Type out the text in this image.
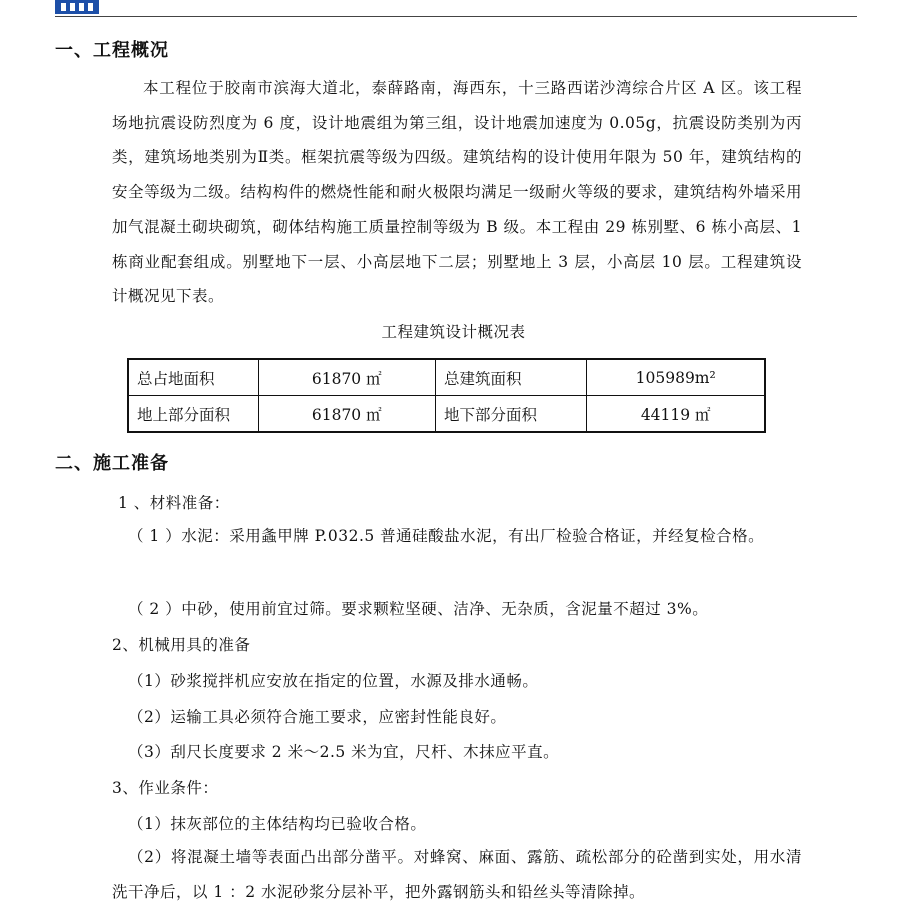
一、工程概况

本工程位于胶南市滨海大道北，泰薛路南，海西东，十三路西诺沙湾综合片区 A 区。该工程场地抗震设防烈度为 6 度，设计地震组为第三组，设计地震加速度为 0.05g，抗震设防类别为丙类，建筑场地类别为Ⅱ类。框架抗震等级为四级。建筑结构的设计使用年限为 50 年，建筑结构的安全等级为二级。结构构件的燃烧性能和耐火极限均满足一级耐火等级的要求，建筑结构外墙采用加气混凝土砌块砌筑，砌体结构施工质量控制等级为 B 级。本工程由 29 栋别墅、6 栋小高层、1 栋商业配套组成。别墅地下一层、小高层地下二层；别墅地上 3 层，小高层 10 层。工程建筑设计概况见下表。

工程建筑设计概况表
总占地面积	61870 ㎡	总建筑面积	105989m²
地上部分面积	61870 ㎡	地下部分面积	44119 ㎡
二、施工准备
1 、材料准备：

（ 1 ）水泥：采用螽甲牌 P.032.5 普通硅酸盐水泥，有出厂检验合格证，并经复检合格。

（ 2 ）中砂，使用前宜过筛。要求颗粒坚硬、洁净、无杂质，含泥量不超过 3%。
2、机械用具的准备
（1）砂浆搅拌机应安放在指定的位置，水源及排水通畅。
（2）运输工具必须符合施工要求，应密封性能良好。
（3）刮尺长度要求 2 米～2.5 米为宜，尺杆、木抹应平直。
3、作业条件：
（1）抹灰部位的主体结构均已验收合格。

（2）将混凝土墙等表面凸出部分凿平。对蜂窝、麻面、露筋、疏松部分的砼凿到实处，用水清洗干净后，以 1 ：2 水泥砂浆分层补平，把外露钢筋头和铅丝头等清除掉。
